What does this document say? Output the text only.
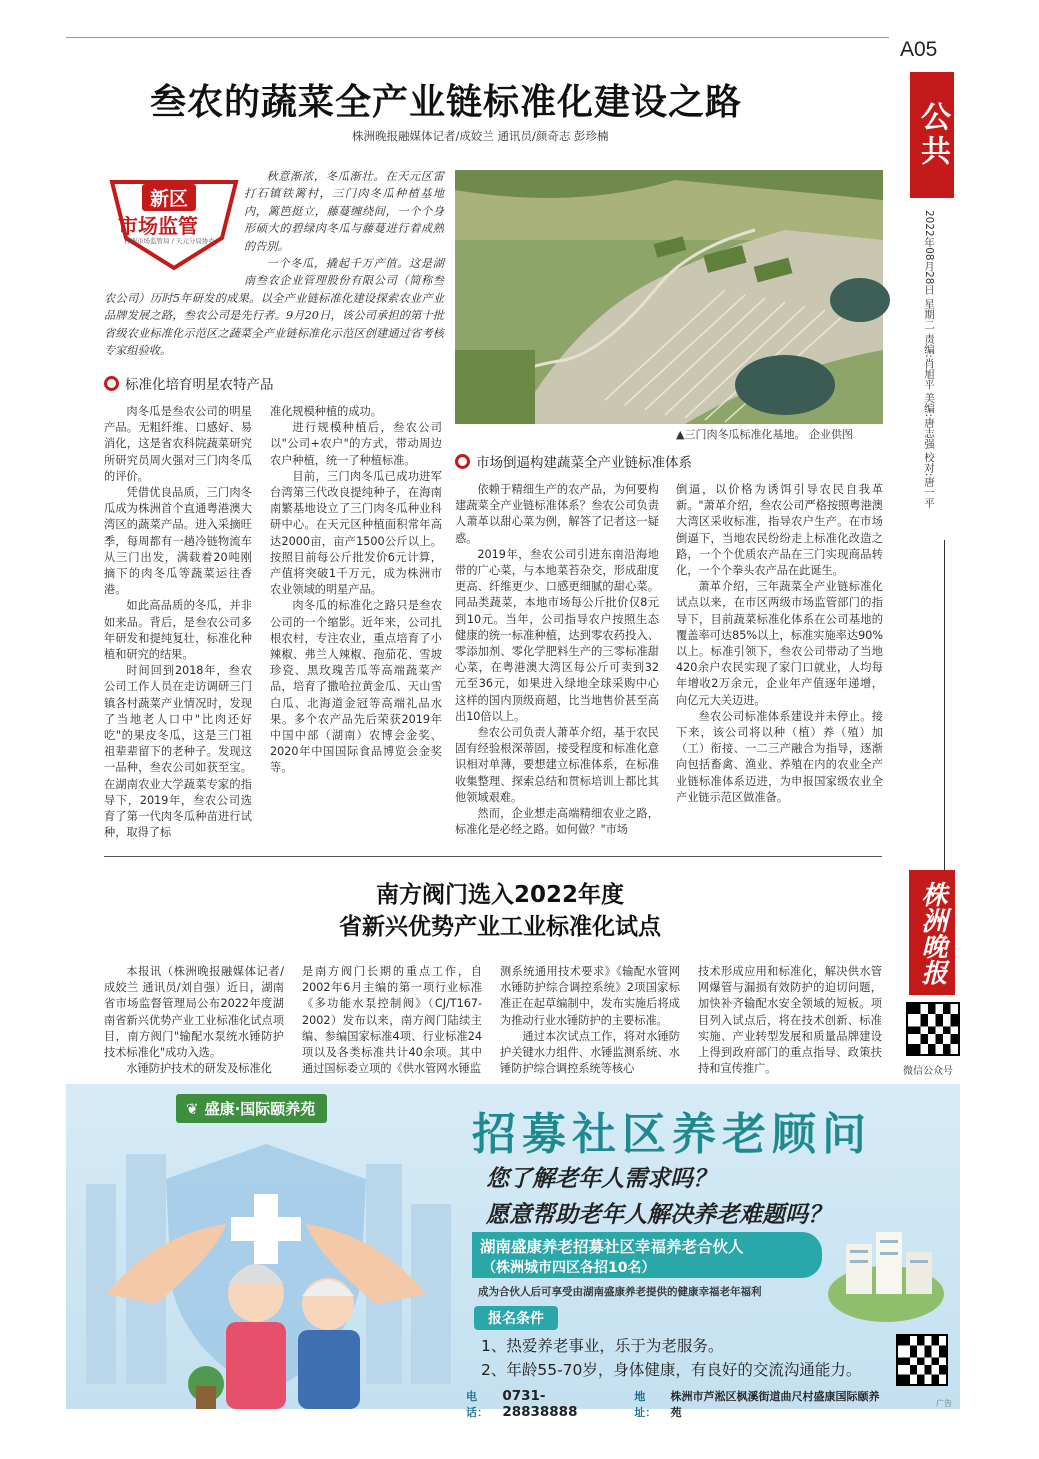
A05
公共
2022年08月28日 星期二 责编:肖旭平 美编:唐志强 校对:唐一平
株洲晚报
微信公众号
叁农的蔬菜全产业链标准化建设之路
株洲晚报融媒体记者/成姣兰 通讯员/颜奇志 彭珍楠
新区
市场监管
株洲市场监管局 / 天元分局协办

秋意渐浓，冬瓜渐壮。在天元区雷打石镇铁篱村，三门肉冬瓜种植基地内，篱笆挺立，藤蔓缠绕间，一个个身形硕大的碧绿肉冬瓜与藤蔓进行着成熟的告别。

一个冬瓜，撬起千万产值。这是湖南叁农企业管理股份有限公司（简称叁农公司）历时5年研发的成果。以全产业链标准化建设探索农业产业品牌发展之路，叁农公司是先行者。9月20日，该公司承担的第十批省级农业标准化示范区之蔬菜全产业链标准化示范区创建通过省考核专家组验收。

标准化培育明星农特产品

肉冬瓜是叁农公司的明星产品。无粗纤维、口感好、易消化，这是省农科院蔬菜研究所研究员周火强对三门肉冬瓜的评价。

凭借优良品质，三门肉冬瓜成为株洲首个直通粤港澳大湾区的蔬菜产品。进入采摘旺季，每周都有一趟冷链物流车从三门出发，满载着20吨刚摘下的肉冬瓜等蔬菜运往香港。

如此高品质的冬瓜，并非如来品。背后，是叁农公司多年研发和提纯复壮，标准化种植和研究的结果。

时间回到2018年，叁农公司工作人员在走访调研三门镇各村蔬菜产业情况时，发现了当地老人口中"比肉还好吃"的果皮冬瓜，这是三门祖祖辈辈留下的老种子。发现这一品种，叁农公司如获至宝。在湖南农业大学蔬菜专家的指导下，2019年，叁农公司选育了第一代肉冬瓜种苗进行试种，取得了标

准化规模种植的成功。

进行规模种植后，叁农公司以"公司+农户"的方式，带动周边农户种植，统一了种植标准。

目前，三门肉冬瓜已成功进军台湾第三代改良提纯种子，在海南南繁基地设立了三门肉冬瓜种业科研中心。在天元区种植面积常年高达2000亩，亩产1500公斤以上。按照目前每公斤批发价6元计算，产值将突破1千万元，成为株洲市农业领域的明星产品。

肉冬瓜的标准化之路只是叁农公司的一个缩影。近年来，公司扎根农村，专注农业，重点培育了小辣椒、弗兰人辣椒、孢茄花、雪坡珍瓷、黑玫瑰苦瓜等高端蔬菜产品，培育了撒哈拉黄金瓜、天山雪白瓜、北海道金冠等高端礼品水果。多个农产品先后荣获2019年中国中部（湖南）农博会金奖、2020年中国国际食品博览会金奖等。

▲三门肉冬瓜标准化基地。 企业供图
市场倒逼构建蔬菜全产业链标准体系

依赖于精细生产的农产品，为何要构建蔬菜全产业链标准体系？叁农公司负责人萧革以甜心菜为例，解答了记者这一疑惑。

2019年，叁农公司引进东南沿海地带的广心菜，与本地菜苔杂交，形成甜度更高、纤维更少、口感更细腻的甜心菜。同品类蔬菜，本地市场每公斤批价仅8元到10元。当年，公司指导农户按照生态健康的统一标准种植，达到零农药投入、零添加剂、零化学肥料生产的三零标准甜心菜，在粤港澳大湾区每公斤可卖到32元至36元，如果进入绿地全球采购中心这样的国内顶级商超，比当地售价甚至高出10倍以上。

叁农公司负责人萧革介绍，基于农民固有经验根深蒂固，接受程度和标准化意识相对单薄，要想建立标准体系，在标准收集整理、探索总结和贯标培训上都比其他领域艰难。

然而，企业想走高端精细农业之路，标准化是必经之路。如何做？"市场

倒逼，以价格为诱饵引导农民自我革新。"萧革介绍，叁农公司严格按照粤港澳大湾区采收标准，指导农户生产。在市场倒逼下，当地农民纷纷走上标准化改造之路，一个个优质农产品在三门实现商品转化，一个个拳头农产品在此诞生。

萧革介绍，三年蔬菜全产业链标准化试点以来，在市区两级市场监管部门的指导下，目前蔬菜标准化体系在公司基地的覆盖率可达85%以上，标准实施率达90%以上。标准引领下，叁农公司带动了当地420余户农民实现了家门口就业，人均每年增收2万余元，企业年产值逐年递增，向亿元大关迈进。

叁农公司标准体系建设并未停止。接下来，该公司将以种（植）养（殖）加（工）衔接、一二三产融合为指导，逐渐向包括畜禽、渔业、养殖在内的农业全产业链标准体系迈进，为申报国家级农业全产业链示范区做准备。

南方阀门选入2022年度
省新兴优势产业工业标准化试点

本报讯（株洲晚报融媒体记者/成姣兰 通讯员/刘自强）近日，湖南省市场监督管理局公布2022年度湖南省新兴优势产业工业标准化试点项目，南方阀门"输配水泵统水锤防护技术标准化"成功入选。

水锤防护技术的研发及标准化

是南方阀门长期的重点工作，自2002年6月主编的第一项行业标准《多功能水泵控制阀》（CJ/T167-2002）发布以来，南方阀门陆续主编、参编国家标准4项、行业标准24项以及各类标准共计40余项。其中通过国标委立项的《供水管网水锤监

测系统通用技术要求》《输配水管网水锤防护综合调控系统》2项国家标准正在起草编制中，发布实施后将成为推动行业水锤防护的主要标准。

通过本次试点工作，将对水锤防护关键水力组件、水锤监测系统、水锤防护综合调控系统等核心

技术形成应用和标准化，解决供水管网爆管与漏损有效防护的迫切问题，加快补齐输配水安全领域的短板。项目列入试点后，将在技术创新、标准实施、产业转型发展和质量品牌建设上得到政府部门的重点指导、政策扶持和宣传推广。

❦ 盛康·国际颐养苑	招募社区养老顾问
您了解老年人需求吗？
愿意帮助老年人解决养老难题吗？
湖南盛康养老招募社区幸福养老合伙人
（株洲城市四区各招10名）
成为合伙人后可享受由湖南盛康养老提供的健康幸福老年福利
报名条件
1、热爱养老事业，乐于为老服务。
2、年龄55-70岁，身体健康，有良好的交流沟通能力。
电话：
0731-28838888
地址：
株洲市芦淞区枫溪街道曲尺村盛康国际颐养苑
广告
